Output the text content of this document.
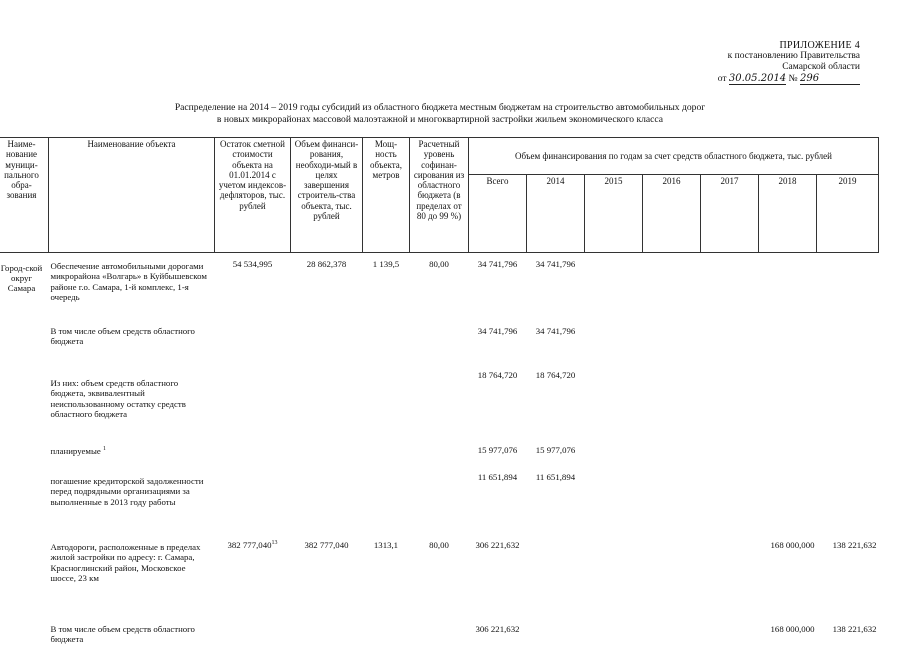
ПРИЛОЖЕНИЕ 4
к постановлению Правительства
Самарской области
от 30.05.2014 № 296
Распределение на 2014 – 2019 годы субсидий из областного бюджета местным бюджетам на строительство автомобильных дорог
в новых микрорайонах массовой малоэтажной и многоквартирной застройки жильем экономического класса
Наиме- нование муници- пального обра- зования	Наименование объекта	Остаток сметной стоимости объекта на 01.01.2014 с учетом индексов-дефляторов, тыс. рублей	Объем финанси-рования, необходи-мый в целях завершения строитель-ства объекта, тыс. рублей	Мощ-ность объекта, метров	Расчетный уровень софинан-сирования из областного бюджета (в пределах от 80 до 99 %)	Объем финансирования по годам за счет средств областного бюджета, тыс. рублей						
						Всего	2014	2015	2016	2017	2018	2019
Город-ской округ Самара	Обеспечение автомобильными дорогами микрорайона «Волгарь» в Куйбышевском районе г.о. Самара, 1-й комплекс, 1-я очередь	54 534,995	28 862,378	1 139,5	80,00	34 741,796	34 741,796					
	В том числе объем средств областного бюджета					34 741,796	34 741,796					
	Из них: объем средств областного бюджета, эквивалентный неиспользованному остатку средств областного бюджета					18 764,720	18 764,720					
	планируемые $^1$					15 977,076	15 977,076					
	погашение кредиторской задолженности перед подрядными организациями за выполненные в 2013 году работы					11 651,894	11 651,894					
	Автодороги, расположенные в пределах жилой застройки по адресу: г. Самара, Красноглинский район, Московское шоссе, 23 км	382 777,040$^{13}$	382 777,040	1313,1	80,00	306 221,632					168 000,000	138 221,632
	В том числе объем средств областного бюджета					306 221,632					168 000,000	138 221,632
